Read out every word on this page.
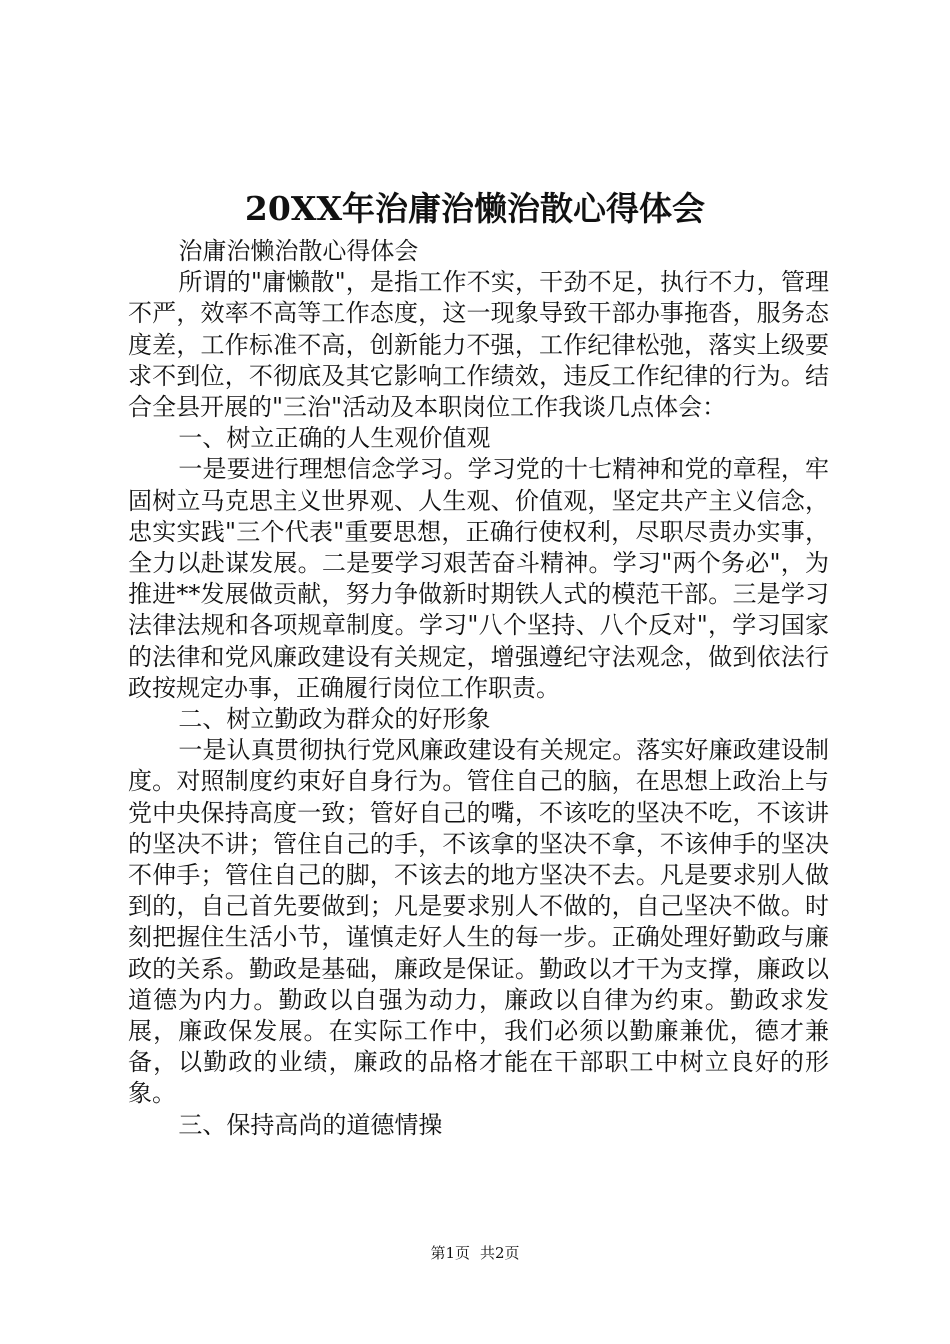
20XX年治庸治懒治散心得体会

治庸治懒治散心得体会

所谓的"庸懒散"，是指工作不实，干劲不足，执行不力，管理不严，效率不高等工作态度，这一现象导致干部办事拖沓，服务态度差，工作标准不高，创新能力不强，工作纪律松弛，落实上级要求不到位，不彻底及其它影响工作绩效，违反工作纪律的行为。结合全县开展的"三治"活动及本职岗位工作我谈几点体会：

一、树立正确的人生观价值观

一是要进行理想信念学习。学习党的十七精神和党的章程，牢固树立马克思主义世界观、人生观、价值观，坚定共产主义信念，忠实实践"三个代表"重要思想，正确行使权利，尽职尽责办实事，全力以赴谋发展。二是要学习艰苦奋斗精神。学习"两个务必"，为推进**发展做贡献，努力争做新时期铁人式的模范干部。三是学习法律法规和各项规章制度。学习"八个坚持、八个反对"，学习国家的法律和党风廉政建设有关规定，增强遵纪守法观念，做到依法行政按规定办事，正确履行岗位工作职责。

二、树立勤政为群众的好形象

一是认真贯彻执行党风廉政建设有关规定。落实好廉政建设制度。对照制度约束好自身行为。管住自己的脑，在思想上政治上与党中央保持高度一致；管好自己的嘴，不该吃的坚决不吃，不该讲的坚决不讲；管住自己的手，不该拿的坚决不拿，不该伸手的坚决不伸手；管住自己的脚，不该去的地方坚决不去。凡是要求别人做到的，自己首先要做到；凡是要求别人不做的，自己坚决不做。时刻把握住生活小节，谨慎走好人生的每一步。正确处理好勤政与廉政的关系。勤政是基础，廉政是保证。勤政以才干为支撑，廉政以道德为内力。勤政以自强为动力，廉政以自律为约束。勤政求发展，廉政保发展。在实际工作中，我们必须以勤廉兼优，德才兼备，以勤政的业绩，廉政的品格才能在干部职工中树立良好的形象。

三、保持高尚的道德情操

第1页 共2页
